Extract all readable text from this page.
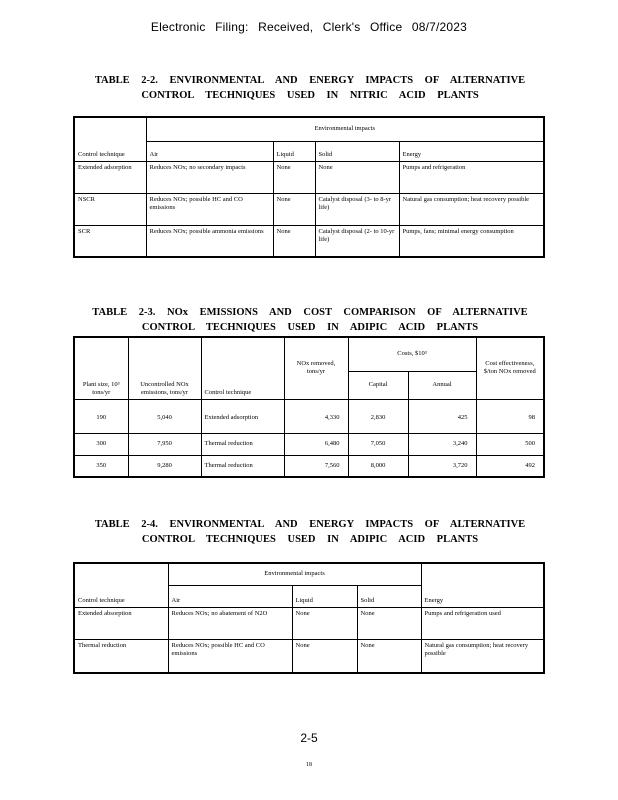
Electronic Filing: Received, Clerk's Office 08/7/2023
TABLE 2-2. ENVIRONMENTAL AND ENERGY IMPACTS OF ALTERNATIVE
CONTROL TECHNIQUES USED IN NITRIC ACID PLANTS
Control technique	Environmental impacts			
	Air	Liquid	Solid	Energy
Extended adsorption	Reduces NOx; no secondary impacts	None	None	Pumps and refrigeration
NSCR	Reduces NOx; possible HC and CO emissions	None	Catalyst disposal (3- to 8-yr life)	Natural gas consumption; heat recovery possible
SCR	Reduces NOx; possible ammonia emissions	None	Catalyst disposal (2- to 10-yr life)	Pumps, fans; minimal energy consumption
TABLE 2-3. NOx EMISSIONS AND COST COMPARISON OF ALTERNATIVE
CONTROL TECHNIQUES USED IN ADIPIC ACID PLANTS
Plant size, 10³ tons/yr	Uncontrolled NOx emissions, tons/yr	Control technique	NOx removed, tons/yr	Costs, $10³		Cost effectiveness, $/ton NOx removed
				Capital	Annual	
190	5,040	Extended adsorption	4,330	2,830	425	98
300	7,950	Thermal reduction	6,480	7,050	3,240	500
350	9,280	Thermal reduction	7,560	8,000	3,720	492
TABLE 2-4. ENVIRONMENTAL AND ENERGY IMPACTS OF ALTERNATIVE
CONTROL TECHNIQUES USED IN ADIPIC ACID PLANTS
Control technique	Environmental impacts			Energy
	Air	Liquid	Solid	
Extended absorption	Reduces NOx; no abatement of N2O	None	None	Pumps and refrigeration used
Thermal reduction	Reduces NOx; possible HC and CO emissions	None	None	Natural gas consumption; heat recovery possible
2-5
18
